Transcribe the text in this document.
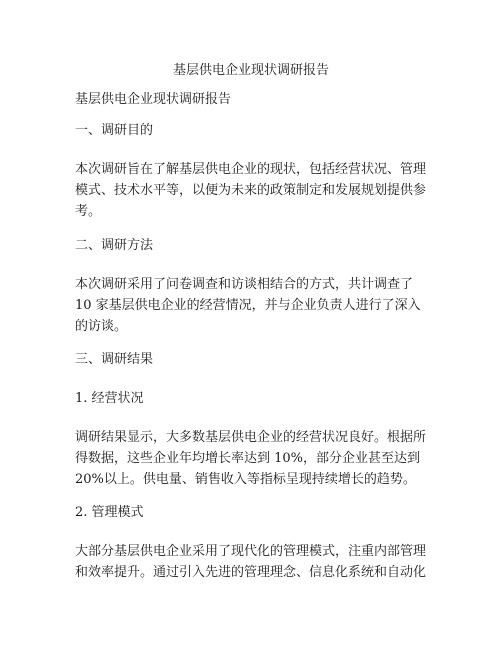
基层供电企业现状调研报告
基层供电企业现状调研报告
一、调研目的
本次调研旨在了解基层供电企业的现状，包括经营状况、管理
模式、技术水平等，以便为未来的政策制定和发展规划提供参
考。
二、调研方法
本次调研采用了问卷调查和访谈相结合的方式，共计调查了
10 家基层供电企业的经营情况，并与企业负责人进行了深入
的访谈。
三、调研结果
1. 经营状况
调研结果显示，大多数基层供电企业的经营状况良好。根据所
得数据，这些企业年均增长率达到 10%，部分企业甚至达到
20%以上。供电量、销售收入等指标呈现持续增长的趋势。
2. 管理模式
大部分基层供电企业采用了现代化的管理模式，注重内部管理
和效率提升。通过引入先进的管理理念、信息化系统和自动化
